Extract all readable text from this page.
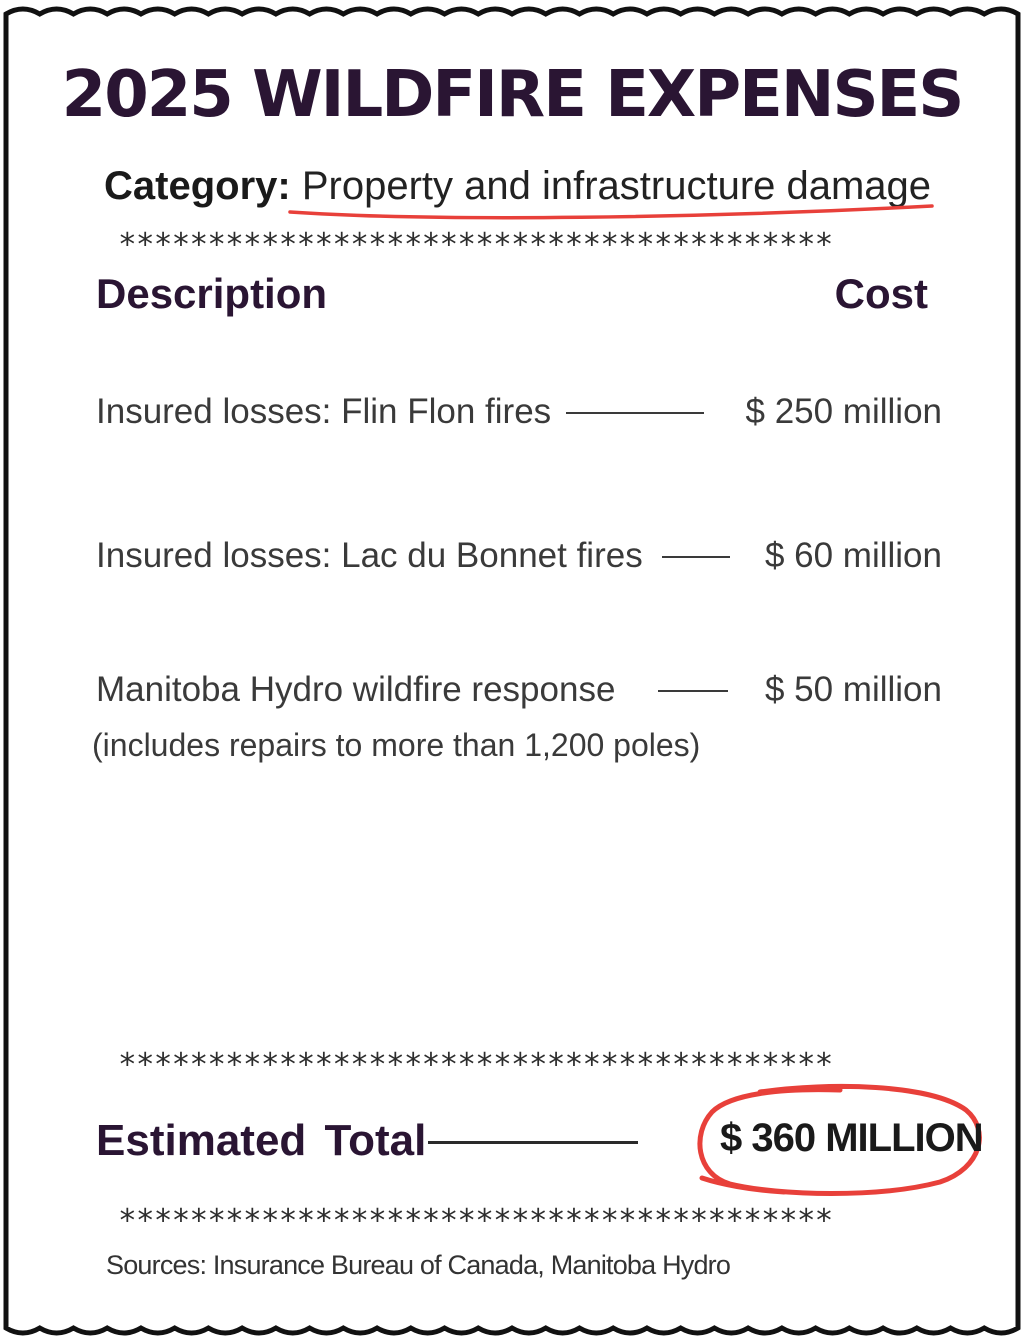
2025 WILDFIRE EXPENSES
Category: Property and infrastructure damage
****************************************
Description	Cost
Insured losses: Flin Flon fires	$ 250 million
Insured losses: Lac du Bonnet fires	$ 60 million
Manitoba Hydro wildfire response	$ 50 million
(includes repairs to more than 1,200 poles)
****************************************
Estimated Total	$ 360 MILLION
****************************************
Sources: Insurance Bureau of Canada, Manitoba Hydro
